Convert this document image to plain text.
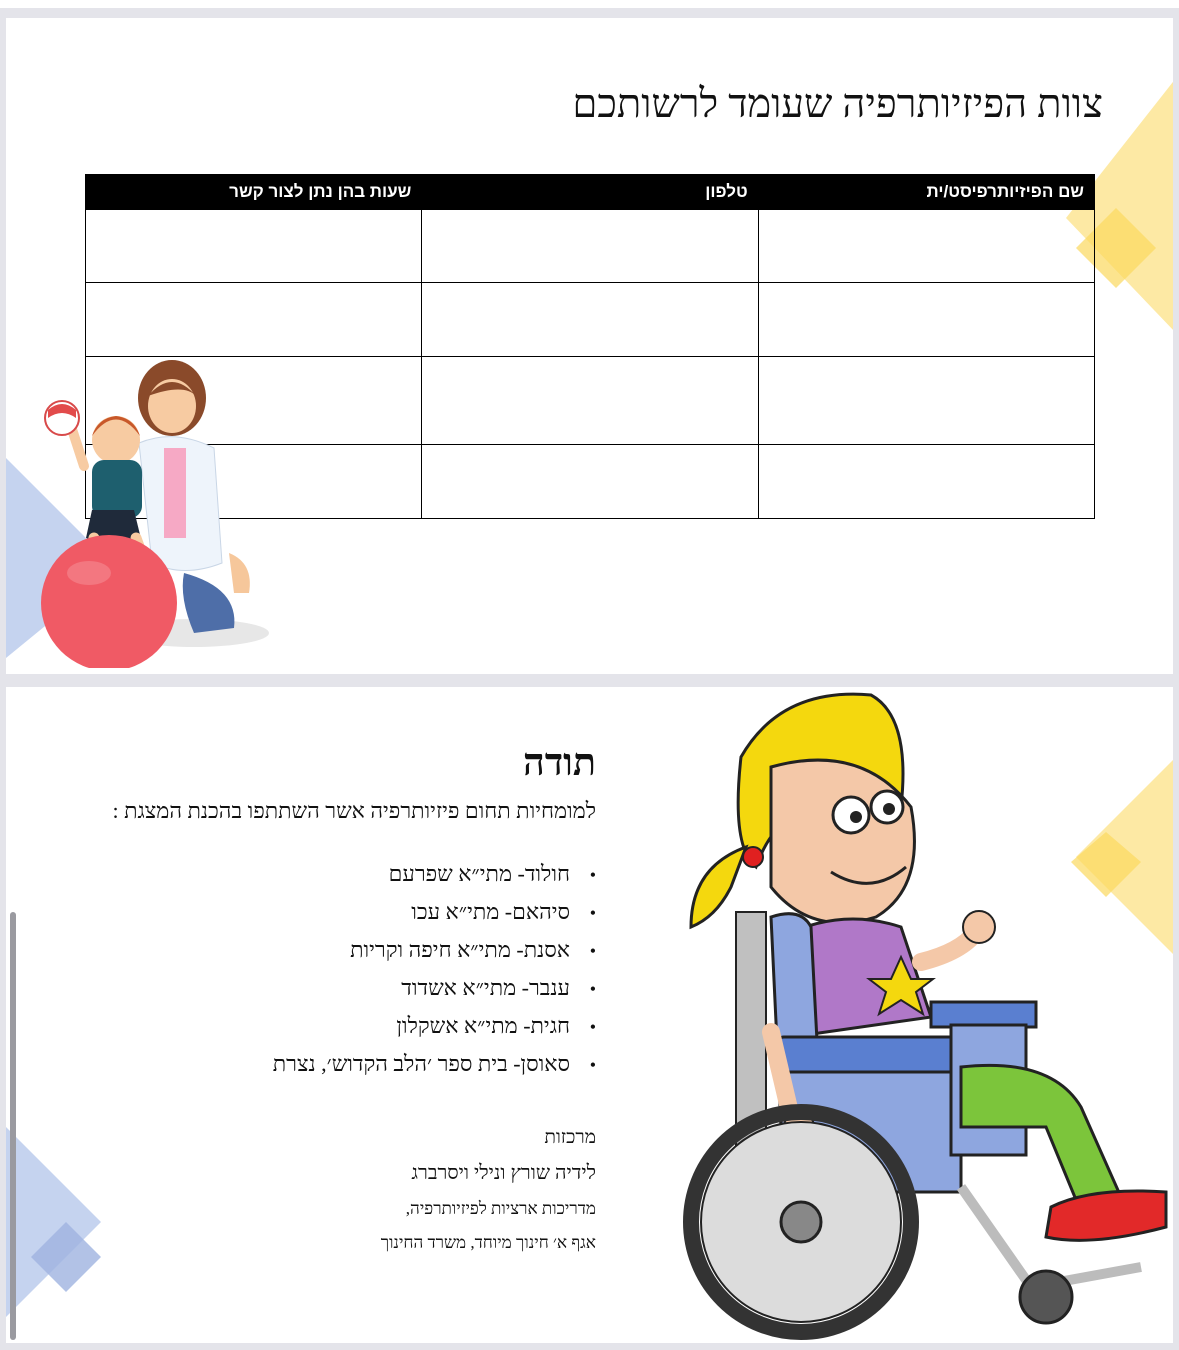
צוות הפיזיותרפיה שעומד לרשותכם
שם הפיזיותרפיסט/ית	טלפון	שעות בהן נתן לצור קשר

תודה
למומחיות תחום פיזיותרפיה אשר השתתפו בהכנת המצגת :
•חולוד- מתי״א שפרעם
•סיהאם- מתי״א עכו
•אסנת- מתי״א חיפה וקריות
•ענבר- מתי״א אשדוד
•חגית- מתי״א אשקלון
•סאוסן- בית ספר ׳הלב הקדוש׳, נצרת
מרכזות
לידיה שורץ ונילי ויסרברג
מדריכות ארציות לפיזיותרפיה,
אגף א׳ חינוך מיוחד, משרד החינוך
